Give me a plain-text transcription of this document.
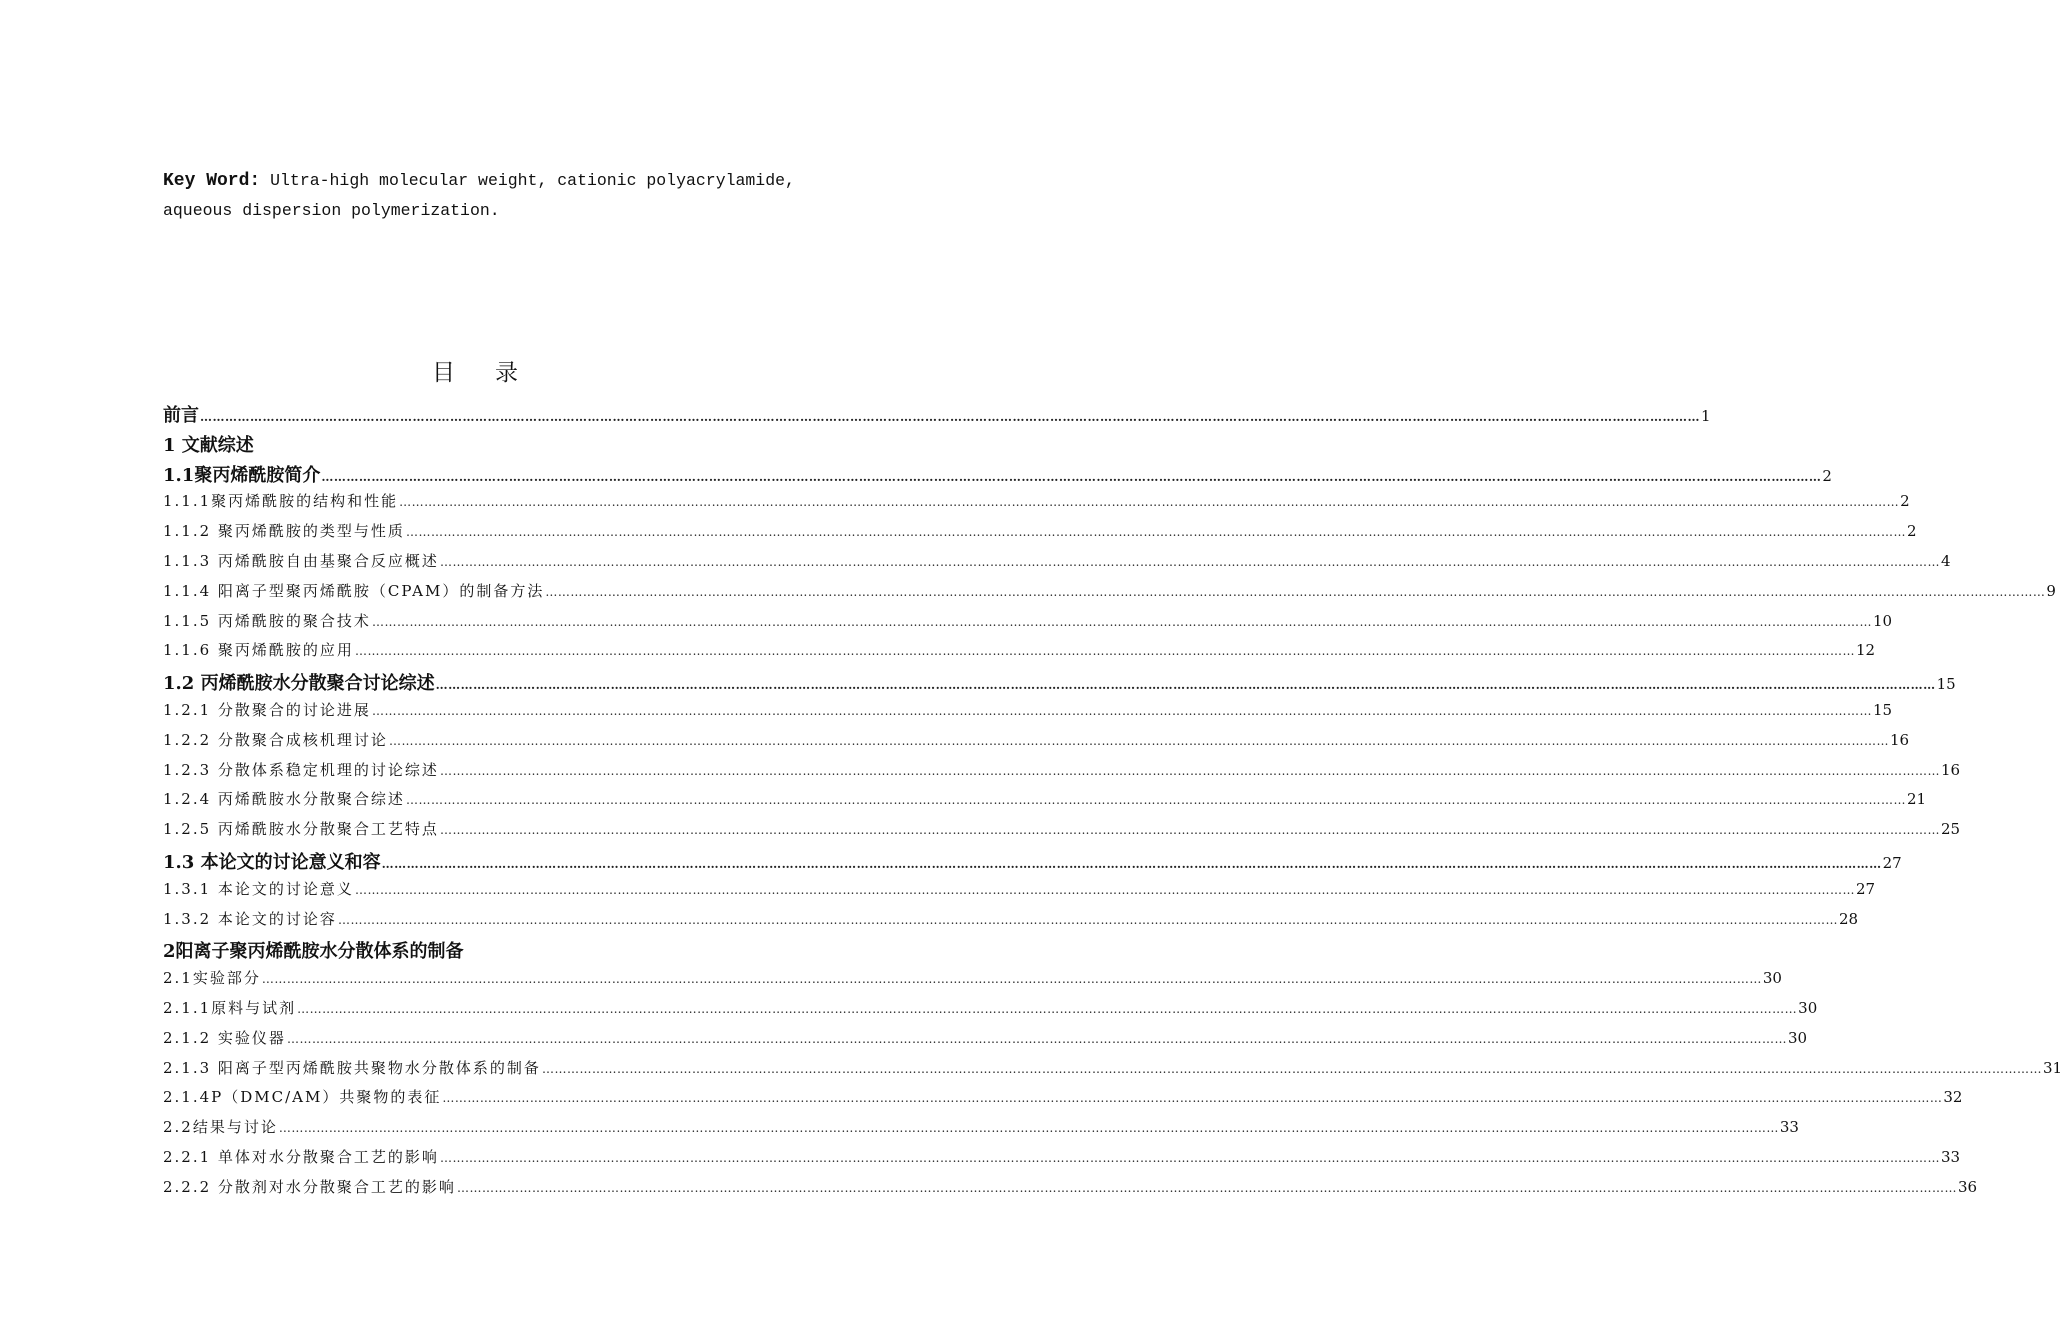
Key Word: Ultra-high molecular weight, cationic polyacrylamide,
aqueous dispersion polymerization.
目 录
前言 ……………………………………………………………………………………………………………………………………………………………………………………………………………………………………………………………………………………………………………………………… 1
1 文献综述
1.1聚丙烯酰胺简介 ……………………………………………………………………………………………………………………………………………………………………………………………………………………………………………………………………………………………………………………………… 2
1.1.1聚丙烯酰胺的结构和性能 ……………………………………………………………………………………………………………………………………………………………………………………………………………………………………………………………………………………………………………………………… 2
1.1.2 聚丙烯酰胺的类型与性质 ……………………………………………………………………………………………………………………………………………………………………………………………………………………………………………………………………………………………………………………………… 2
1.1.3 丙烯酰胺自由基聚合反应概述 ……………………………………………………………………………………………………………………………………………………………………………………………………………………………………………………………………………………………………………………………… 4
1.1.4 阳离子型聚丙烯酰胺（CPAM）的制备方法 ……………………………………………………………………………………………………………………………………………………………………………………………………………………………………………………………………………………………………………………………… 9
1.1.5 丙烯酰胺的聚合技术 ……………………………………………………………………………………………………………………………………………………………………………………………………………………………………………………………………………………………………………………………… 10
1.1.6 聚丙烯酰胺的应用 ……………………………………………………………………………………………………………………………………………………………………………………………………………………………………………………………………………………………………………………………… 12
1.2 丙烯酰胺水分散聚合讨论综述 ……………………………………………………………………………………………………………………………………………………………………………………………………………………………………………………………………………………………………………………………… 15
1.2.1 分散聚合的讨论进展 ……………………………………………………………………………………………………………………………………………………………………………………………………………………………………………………………………………………………………………………………… 15
1.2.2 分散聚合成核机理讨论 ……………………………………………………………………………………………………………………………………………………………………………………………………………………………………………………………………………………………………………………………… 16
1.2.3 分散体系稳定机理的讨论综述 ……………………………………………………………………………………………………………………………………………………………………………………………………………………………………………………………………………………………………………………………… 16
1.2.4 丙烯酰胺水分散聚合综述 ……………………………………………………………………………………………………………………………………………………………………………………………………………………………………………………………………………………………………………………………… 21
1.2.5 丙烯酰胺水分散聚合工艺特点 ……………………………………………………………………………………………………………………………………………………………………………………………………………………………………………………………………………………………………………………………… 25
1.3 本论文的讨论意义和容 ……………………………………………………………………………………………………………………………………………………………………………………………………………………………………………………………………………………………………………………………… 27
1.3.1 本论文的讨论意义 ……………………………………………………………………………………………………………………………………………………………………………………………………………………………………………………………………………………………………………………………… 27
1.3.2 本论文的讨论容 ……………………………………………………………………………………………………………………………………………………………………………………………………………………………………………………………………………………………………………………………… 28
2阳离子聚丙烯酰胺水分散体系的制备
2.1实验部分 ……………………………………………………………………………………………………………………………………………………………………………………………………………………………………………………………………………………………………………………………… 30
2.1.1原料与试剂 ……………………………………………………………………………………………………………………………………………………………………………………………………………………………………………………………………………………………………………………………… 30
2.1.2 实验仪器 ……………………………………………………………………………………………………………………………………………………………………………………………………………………………………………………………………………………………………………………………… 30
2.1.3 阳离子型丙烯酰胺共聚物水分散体系的制备 ……………………………………………………………………………………………………………………………………………………………………………………………………………………………………………………………………………………………………………………………… 31
2.1.4P（DMC/AM）共聚物的表征 ……………………………………………………………………………………………………………………………………………………………………………………………………………………………………………………………………………………………………………………………… 32
2.2结果与讨论 ……………………………………………………………………………………………………………………………………………………………………………………………………………………………………………………………………………………………………………………………… 33
2.2.1 单体对水分散聚合工艺的影响 ……………………………………………………………………………………………………………………………………………………………………………………………………………………………………………………………………………………………………………………………… 33
2.2.2 分散剂对水分散聚合工艺的影响 ……………………………………………………………………………………………………………………………………………………………………………………………………………………………………………………………………………………………………………………………… 36
